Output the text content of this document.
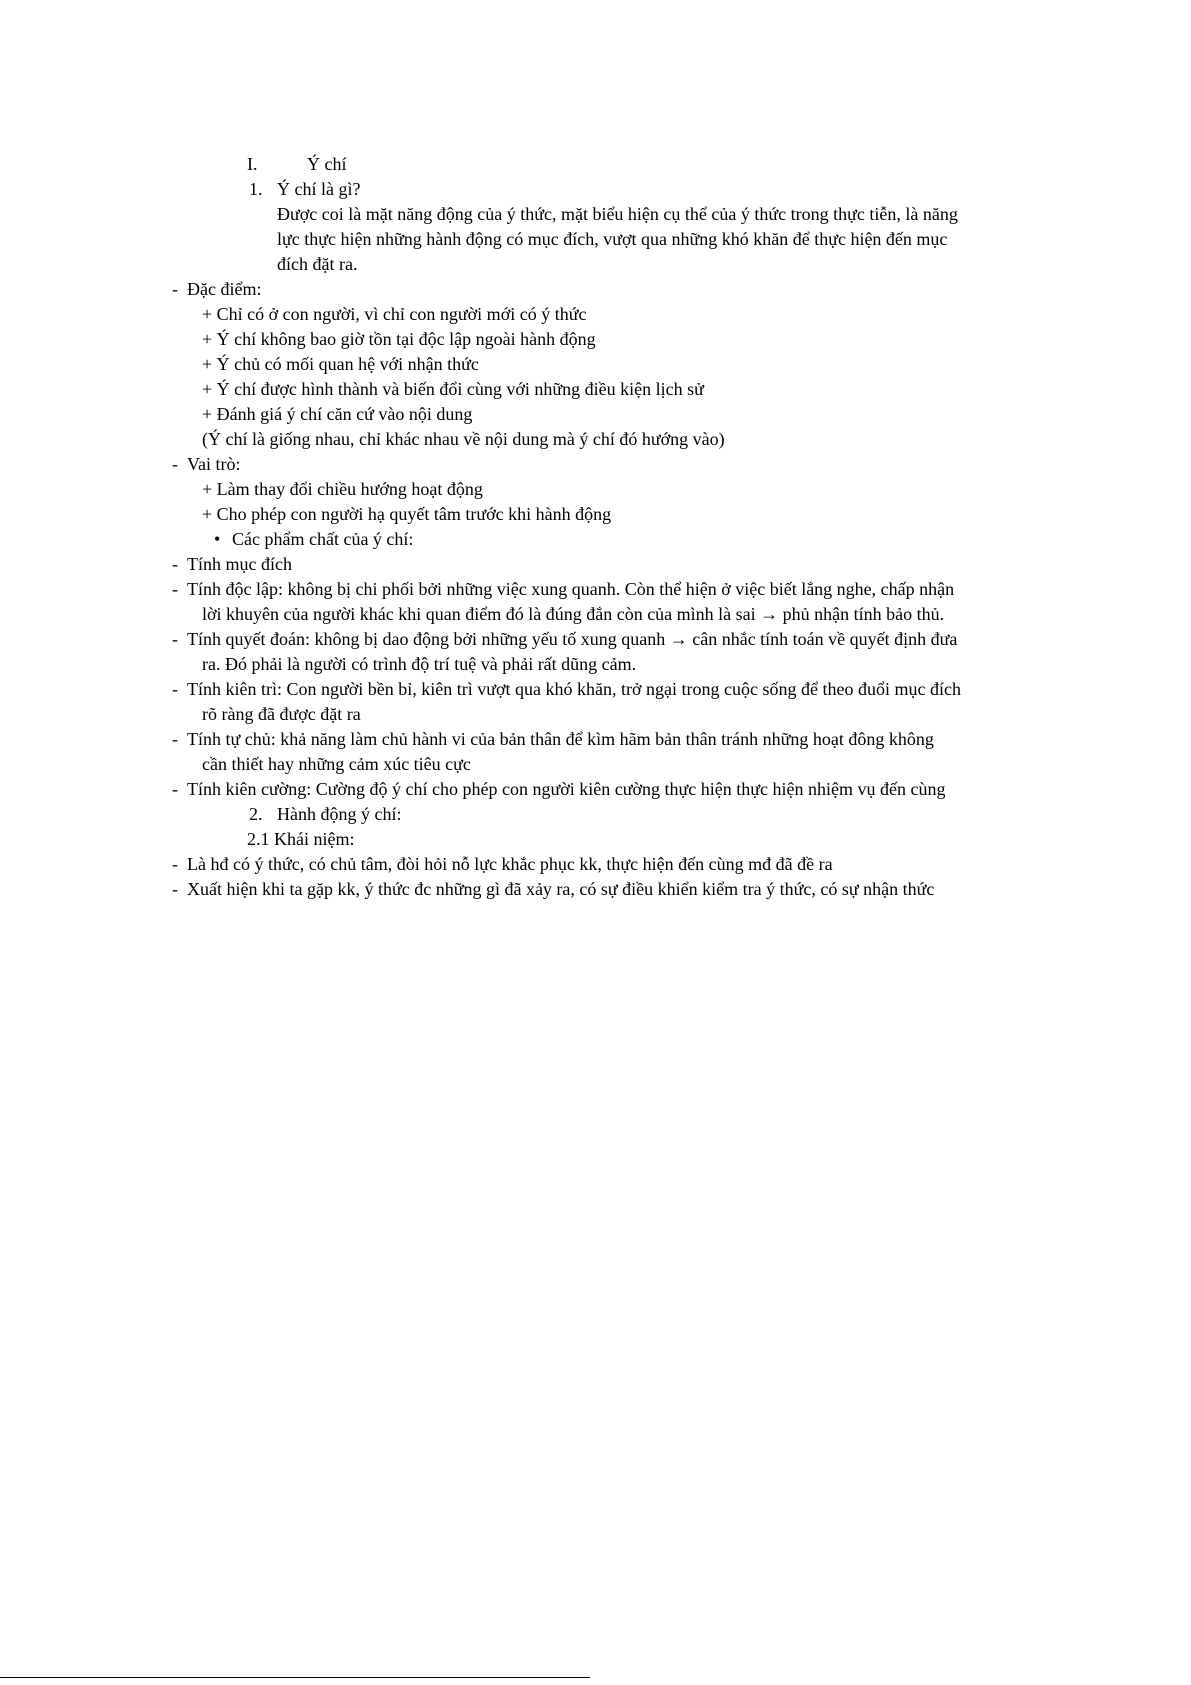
I.	Ý chí
1. Ý chí là gì?
Được coi là mặt năng động của ý thức, mặt biểu hiện cụ thể của ý thức trong thực tiễn, là năng
lực thực hiện những hành động có mục đích, vượt qua những khó khăn để thực hiện đến mục
đích đặt ra.
- Đặc điểm:
+ Chỉ có ở con người, vì chỉ con người mới có ý thức
+ Ý chí không bao giờ tồn tại độc lập ngoài hành động
+ Ý chủ có mối quan hệ với nhận thức
+ Ý chí được hình thành và biến đổi cùng với những điều kiện lịch sử
+ Đánh giá ý chí căn cứ vào nội dung
(Ý chí là giống nhau, chỉ khác nhau về nội dung mà ý chí đó hướng vào)
- Vai trò:
+ Làm thay đổi chiều hướng hoạt động
+ Cho phép con người hạ quyết tâm trước khi hành động
• Các phẩm chất của ý chí:
- Tính mục đích
- Tính độc lập: không bị chi phối bởi những việc xung quanh. Còn thể hiện ở việc biết lắng nghe, chấp nhận
lời khuyên của người khác khi quan điểm đó là đúng đắn còn của mình là sai → phủ nhận tính bảo thủ.
- Tính quyết đoán: không bị dao động bởi những yếu tố xung quanh → cân nhắc tính toán về quyết định đưa
ra. Đó phải là người có trình độ trí tuệ và phải rất dũng cảm.
- Tính kiên trì: Con người bền bỉ, kiên trì vượt qua khó khăn, trở ngại trong cuộc sống để theo đuổi mục đích
rõ ràng đã được đặt ra
- Tính tự chủ: khả năng làm chủ hành vi của bản thân để kìm hãm bản thân tránh những hoạt đông không
cần thiết hay những cảm xúc tiêu cực
- Tính kiên cường: Cường độ ý chí cho phép con người kiên cường thực hiện thực hiện nhiệm vụ đến cùng
2. Hành động ý chí:
2.1 Khái niệm:
- Là hđ có ý thức, có chủ tâm, đòi hỏi nỗ lực khắc phục kk, thực hiện đến cùng mđ đã đề ra
- Xuất hiện khi ta gặp kk, ý thức đc những gì đã xảy ra, có sự điều khiển kiểm tra ý thức, có sự nhận thức
